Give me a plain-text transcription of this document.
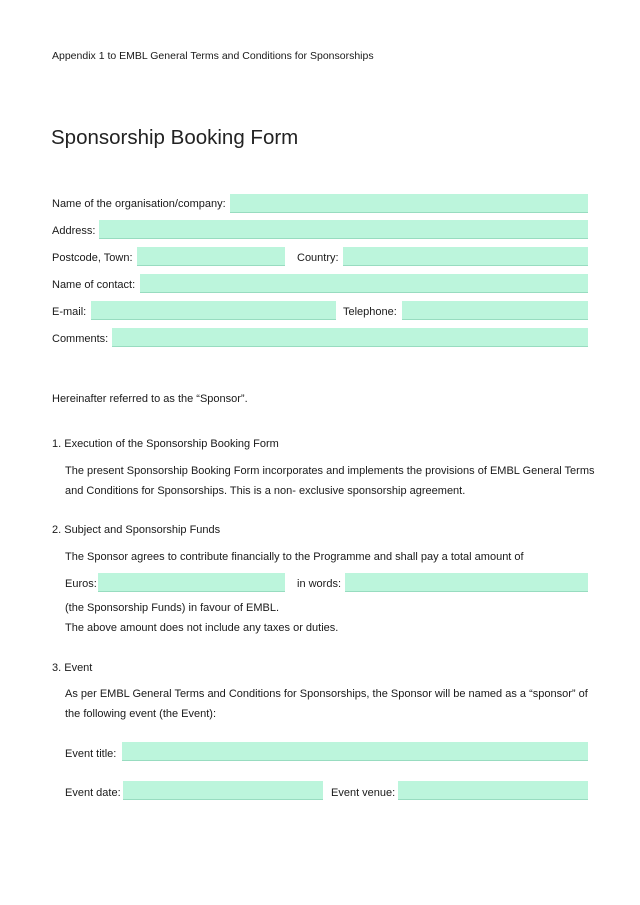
Appendix 1 to EMBL General Terms and Conditions for Sponsorships
Sponsorship Booking Form
Name of the organisation/company:
Address:
Postcode, Town:	Country:
Name of contact:
E-mail:	Telephone:
Comments:
Hereinafter referred to as the “Sponsor”.
1. Execution of the Sponsorship Booking Form
The present Sponsorship Booking Form incorporates and implements the provisions of EMBL General Terms
and Conditions for Sponsorships. This is a non- exclusive sponsorship agreement.
2. Subject and Sponsorship Funds
The Sponsor agrees to contribute financially to the Programme and shall pay a total amount of
Euros:	in words:
(the Sponsorship Funds) in favour of EMBL.
The above amount does not include any taxes or duties.
3. Event
As per EMBL General Terms and Conditions for Sponsorships, the Sponsor will be named as a “sponsor” of
the following event (the Event):
Event title:
Event date:	Event venue:
